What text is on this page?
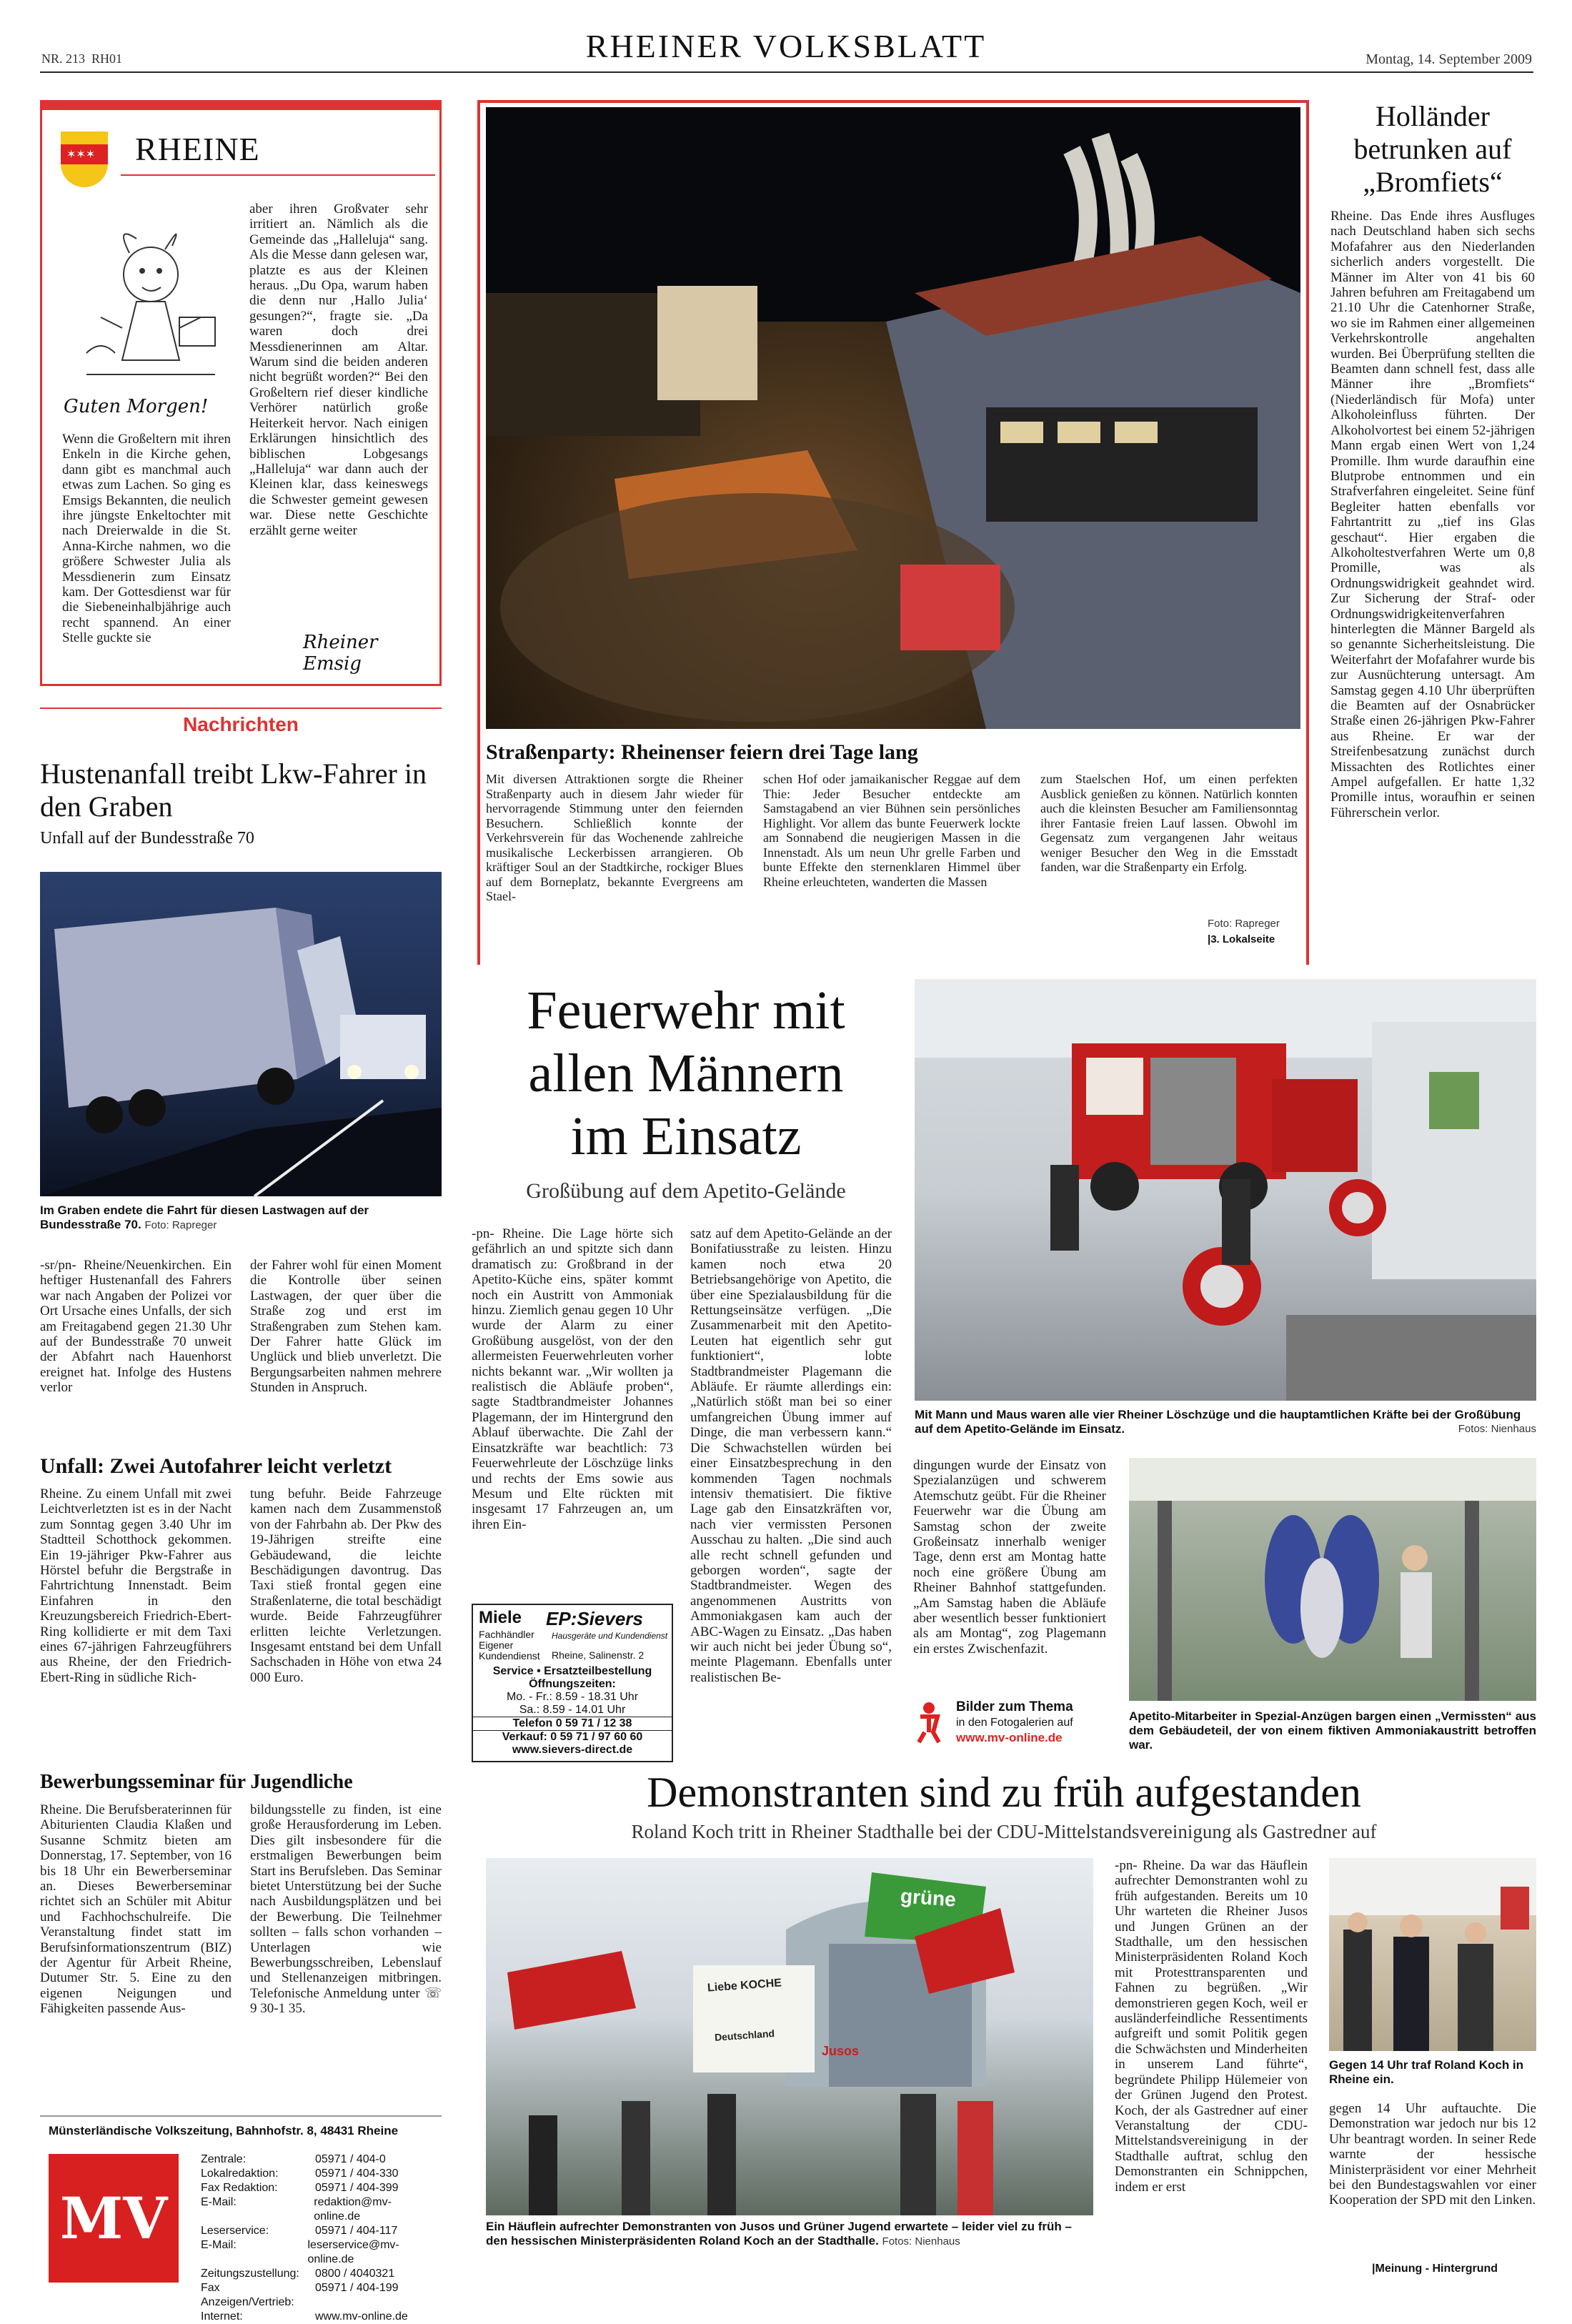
NR. 213 RH01	RHEINER VOLKSBLATT	Montag, 14. September 2009
✶✶✶ RHEINE
Guten Morgen!
Wenn die Großeltern mit ihren Enkeln in die Kirche gehen, dann gibt es manchmal auch etwas zum Lachen. So ging es Emsigs Bekannten, die neulich ihre jüngste Enkeltochter mit nach Dreierwalde in die St. Anna-Kirche nahmen, wo die größere Schwester Julia als Messdienerin zum Einsatz kam. Der Gottesdienst war für die Siebeneinhalbjährige auch recht spannend. An einer Stelle guckte sie
aber ihren Großvater sehr irritiert an. Nämlich als die Gemeinde das „Halleluja“ sang. Als die Messe dann gelesen war, platzte es aus der Kleinen heraus. „Du Opa, warum haben die denn nur ‚Hallo Julia‘ gesungen?“, fragte sie. „Da waren doch drei Messdienerinnen am Altar. Warum sind die beiden anderen nicht begrüßt worden?“ Bei den Großeltern rief dieser kindliche Verhörer natürlich große Heiterkeit hervor. Nach einigen Erklärungen hinsichtlich des biblischen Lobgesangs „Halleluja“ war dann auch der Kleinen klar, dass keineswegs die Schwester gemeint gewesen war. Diese nette Geschichte erzählt gerne weiter
Rheiner Emsig
Nachrichten
Hustenanfall treibt Lkw-Fahrer in den Graben
Unfall auf der Bundesstraße 70
Im Graben endete die Fahrt für diesen Lastwagen auf der Bundesstraße 70. Foto: Rapreger
-sr/pn- Rheine/Neuenkirchen. Ein heftiger Hustenanfall des Fahrers war nach Angaben der Polizei vor Ort Ursache eines Unfalls, der sich am Freitagabend gegen 21.30 Uhr auf der Bundesstraße 70 unweit der Abfahrt nach Hauenhorst ereignet hat. Infolge des Hustens verlor
der Fahrer wohl für einen Moment die Kontrolle über seinen Lastwagen, der quer über die Straße zog und erst im Straßengraben zum Stehen kam. Der Fahrer hatte Glück im Unglück und blieb unverletzt. Die Bergungsarbeiten nahmen mehrere Stunden in Anspruch.
Unfall: Zwei Autofahrer leicht verletzt
Rheine. Zu einem Unfall mit zwei Leichtverletzten ist es in der Nacht zum Sonntag gegen 3.40 Uhr im Stadtteil Schotthock gekommen. Ein 19-jähriger Pkw-Fahrer aus Hörstel befuhr die Bergstraße in Fahrtrichtung Innenstadt. Beim Einfahren in den Kreuzungsbereich Friedrich-Ebert-Ring kollidierte er mit dem Taxi eines 67-jährigen Fahrzeugführers aus Rheine, der den Friedrich-Ebert-Ring in südliche Rich-
tung befuhr. Beide Fahrzeuge kamen nach dem Zusammenstoß von der Fahrbahn ab. Der Pkw des 19-Jährigen streifte eine Gebäudewand, die leichte Beschädigungen davontrug. Das Taxi stieß frontal gegen eine Straßenlaterne, die total beschädigt wurde. Beide Fahrzeugführer erlitten leichte Verletzungen. Insgesamt entstand bei dem Unfall Sachschaden in Höhe von etwa 24 000 Euro.
Bewerbungsseminar für Jugendliche
Rheine. Die Berufsberaterinnen für Abiturienten Claudia Klaßen und Susanne Schmitz bieten am Donnerstag, 17. September, von 16 bis 18 Uhr ein Bewerberseminar an. Dieses Bewerberseminar richtet sich an Schüler mit Abitur und Fachhochschulreife. Die Veranstaltung findet statt im Berufsinformationszentrum (BIZ) der Agentur für Arbeit Rheine, Dutumer Str. 5. Eine zu den eigenen Neigungen und Fähigkeiten passende Aus-
bildungsstelle zu finden, ist eine große Herausforderung im Leben. Dies gilt insbesondere für die erstmaligen Bewerbungen beim Start ins Berufsleben. Das Seminar bietet Unterstützung bei der Suche nach Ausbildungsplätzen und bei der Bewerbung. Die Teilnehmer sollten – falls schon vorhanden – Unterlagen wie Bewerbungsschreiben, Lebenslauf und Stellenanzeigen mitbringen. Telefonische Anmeldung unter ☏ 9 30-1 35.
Münsterländische Volkszeitung, Bahnhofstr. 8, 48431 Rheine
MV
Zentrale:	05971 / 404-0
Lokalredaktion:	05971 / 404-330
Fax Redaktion:	05971 / 404-399
E-Mail:	redaktion@mv-online.de
Leserservice:	05971 / 404-117
E-Mail:	leserservice@mv-online.de
Zeitungszustellung:	0800 / 4040321
Fax Anzeigen/Vertrieb:
05971 / 404-199
Internet:	www.mv-online.de
Straßenparty: Rheinenser feiern drei Tage lang
Mit diversen Attraktionen sorgte die Rheiner Straßenparty auch in diesem Jahr wieder für hervorragende Stimmung unter den feiernden Besuchern. Schließlich konnte der Verkehrsverein für das Wochenende zahlreiche musikalische Leckerbissen arrangieren. Ob kräftiger Soul an der Stadtkirche, rockiger Blues auf dem Borneplatz, bekannte Evergreens am Stael-
schen Hof oder jamaikanischer Reggae auf dem Thie: Jeder Besucher entdeckte am Samstagabend an vier Bühnen sein persönliches Highlight. Vor allem das bunte Feuerwerk lockte am Sonnabend die neugierigen Massen in die Innenstadt. Als um neun Uhr grelle Farben und bunte Effekte den sternenklaren Himmel über Rheine erleuchteten, wanderten die Massen
zum Staelschen Hof, um einen perfekten Ausblick genießen zu können. Natürlich konnten auch die kleinsten Besucher am Familiensonntag ihrer Fantasie freien Lauf lassen. Obwohl im Gegensatz zum vergangenen Jahr weitaus weniger Besucher den Weg in die Emsstadt fanden, war die Straßenparty ein Erfolg.
Foto: Rapreger
|3. Lokalseite
Holländer betrunken auf „Bromfiets“
Rheine. Das Ende ihres Ausfluges nach Deutschland haben sich sechs Mofafahrer aus den Niederlanden sicherlich anders vorgestellt. Die Männer im Alter von 41 bis 60 Jahren befuhren am Freitagabend um 21.10 Uhr die Catenhorner Straße, wo sie im Rahmen einer allgemeinen Verkehrskontrolle angehalten wurden. Bei Überprüfung stellten die Beamten dann schnell fest, dass alle Männer ihre „Bromfiets“ (Niederländisch für Mofa) unter Alkoholeinfluss führten. Der Alkoholvortest bei einem 52-jährigen Mann ergab einen Wert von 1,24 Promille. Ihm wurde daraufhin eine Blutprobe entnommen und ein Strafverfahren eingeleitet. Seine fünf Begleiter hatten ebenfalls vor Fahrtantritt zu „tief ins Glas geschaut“. Hier ergaben die Alkoholtestverfahren Werte um 0,8 Promille, was als Ordnungswidrigkeit geahndet wird. Zur Sicherung der Straf- oder Ordnungswidrigkeitenverfahren hinterlegten die Männer Bargeld als so genannte Sicherheitsleistung. Die Weiterfahrt der Mofafahrer wurde bis zur Ausnüchterung untersagt. Am Samstag gegen 4.10 Uhr überprüften die Beamten auf der Osnabrücker Straße einen 26-jährigen Pkw-Fahrer aus Rheine. Er war der Streifenbesatzung zunächst durch Missachten des Rotlichtes einer Ampel aufgefallen. Er hatte 1,32 Promille intus, woraufhin er seinen Führerschein verlor.
Feuerwehr mit
allen Männern
im Einsatz
Großübung auf dem Apetito-Gelände
Mit Mann und Maus waren alle vier Rheiner Löschzüge und die hauptamtlichen Kräfte bei der Großübung auf dem Apetito-Gelände im Einsatz.	Fotos: Nienhaus
-pn- Rheine. Die Lage hörte sich gefährlich an und spitzte sich dann dramatisch zu: Großbrand in der Apetito-Küche eins, später kommt noch ein Austritt von Ammoniak hinzu. Ziemlich genau gegen 10 Uhr wurde der Alarm zu einer Großübung ausgelöst, von der den allermeisten Feuerwehrleuten vorher nichts bekannt war. „Wir wollten ja realistisch die Abläufe proben“, sagte Stadtbrandmeister Johannes Plagemann, der im Hintergrund den Ablauf überwachte. Die Zahl der Einsatzkräfte war beachtlich: 73 Feuerwehrleute der Löschzüge links und rechts der Ems sowie aus Mesum und Elte rückten mit insgesamt 17 Fahrzeugen an, um ihren Ein-
satz auf dem Apetito-Gelände an der Bonifatiusstraße zu leisten. Hinzu kamen noch etwa 20 Betriebsangehörige von Apetito, die über eine Spezialausbildung für die Rettungseinsätze verfügen. „Die Zusammenarbeit mit den Apetito-Leuten hat eigentlich sehr gut funktioniert“, lobte Stadtbrandmeister Plagemann die Abläufe. Er räumte allerdings ein: „Natürlich stößt man bei so einer umfangreichen Übung immer auf Dinge, die man verbessern kann.“ Die Schwachstellen würden bei einer Einsatzbesprechung in den kommenden Tagen nochmals intensiv thematisiert. Die fiktive Lage gab den Einsatzkräften vor, nach vier vermissten Personen Ausschau zu halten. „Die sind auch alle recht schnell gefunden und geborgen worden“, sagte der Stadtbrandmeister. Wegen des angenommenen Austritts von Ammoniakgasen kam auch der ABC-Wagen zu Einsatz. „Das haben wir auch nicht bei jeder Übung so“, meinte Plagemann. Ebenfalls unter realistischen Be-
dingungen wurde der Einsatz von Spezialanzügen und schwerem Atemschutz geübt. Für die Rheiner Feuerwehr war die Übung am Samstag schon der zweite Großeinsatz innerhalb weniger Tage, denn erst am Montag hatte noch eine größere Übung am Rheiner Bahnhof stattgefunden. „Am Samstag haben die Abläufe aber wesentlich besser funktioniert als am Montag“, zog Plagemann ein erstes Zwischenfazit.
Bilder zum Thema
in den Fotogalerien auf
www.mv-online.de
Apetito-Mitarbeiter in Spezial-Anzügen bargen einen „Vermissten“ aus dem Gebäudeteil, der von einem fiktiven Ammoniakaustritt betroffen war.
Miele EP:Sievers
Fachhändler
Eigener
Kundendienst
Hausgeräte und Kundendienst
Rheine, Salinenstr. 2
Service • Ersatzteilbestellung
Öffnungszeiten:
Mo. - Fr.: 8.59 - 18.31 Uhr
Sa.: 8.59 - 14.01 Uhr
Telefon 0 59 71 / 12 38
Verkauf: 0 59 71 / 97 60 60
www.sievers-direct.de
Demonstranten sind zu früh aufgestanden
Roland Koch tritt in Rheiner Stadthalle bei der CDU-Mittelstandsvereinigung als Gastredner auf
Liebe KOCHE
Deutschland
grüne
Jusos
Ein Häuflein aufrechter Demonstranten von Jusos und Grüner Jugend erwartete – leider viel zu früh – den hessischen Ministerpräsidenten Roland Koch an der Stadthalle. Fotos: Nienhaus
-pn- Rheine. Da war das Häuflein aufrechter Demonstranten wohl zu früh aufgestanden. Bereits um 10 Uhr warteten die Rheiner Jusos und Jungen Grünen an der Stadthalle, um den hessischen Ministerpräsidenten Roland Koch mit Protesttransparenten und Fahnen zu begrüßen. „Wir demonstrieren gegen Koch, weil er ausländerfeindliche Ressentiments aufgreift und somit Politik gegen die Schwächsten und Minderheiten in unserem Land führte“, begründete Philipp Hülemeier von der Grünen Jugend den Protest. Koch, der als Gastredner auf einer Veranstaltung der CDU-Mittelstandsvereinigung in der Stadthalle auftrat, schlug den Demonstranten ein Schnippchen, indem er erst
Gegen 14 Uhr traf Roland Koch in Rheine ein.
gegen 14 Uhr auftauchte. Die Demonstration war jedoch nur bis 12 Uhr beantragt worden. In seiner Rede warnte der hessische Ministerpräsident vor einer Mehrheit bei den Bundestagswahlen vor einer Kooperation der SPD mit den Linken.
|Meinung - Hintergrund
